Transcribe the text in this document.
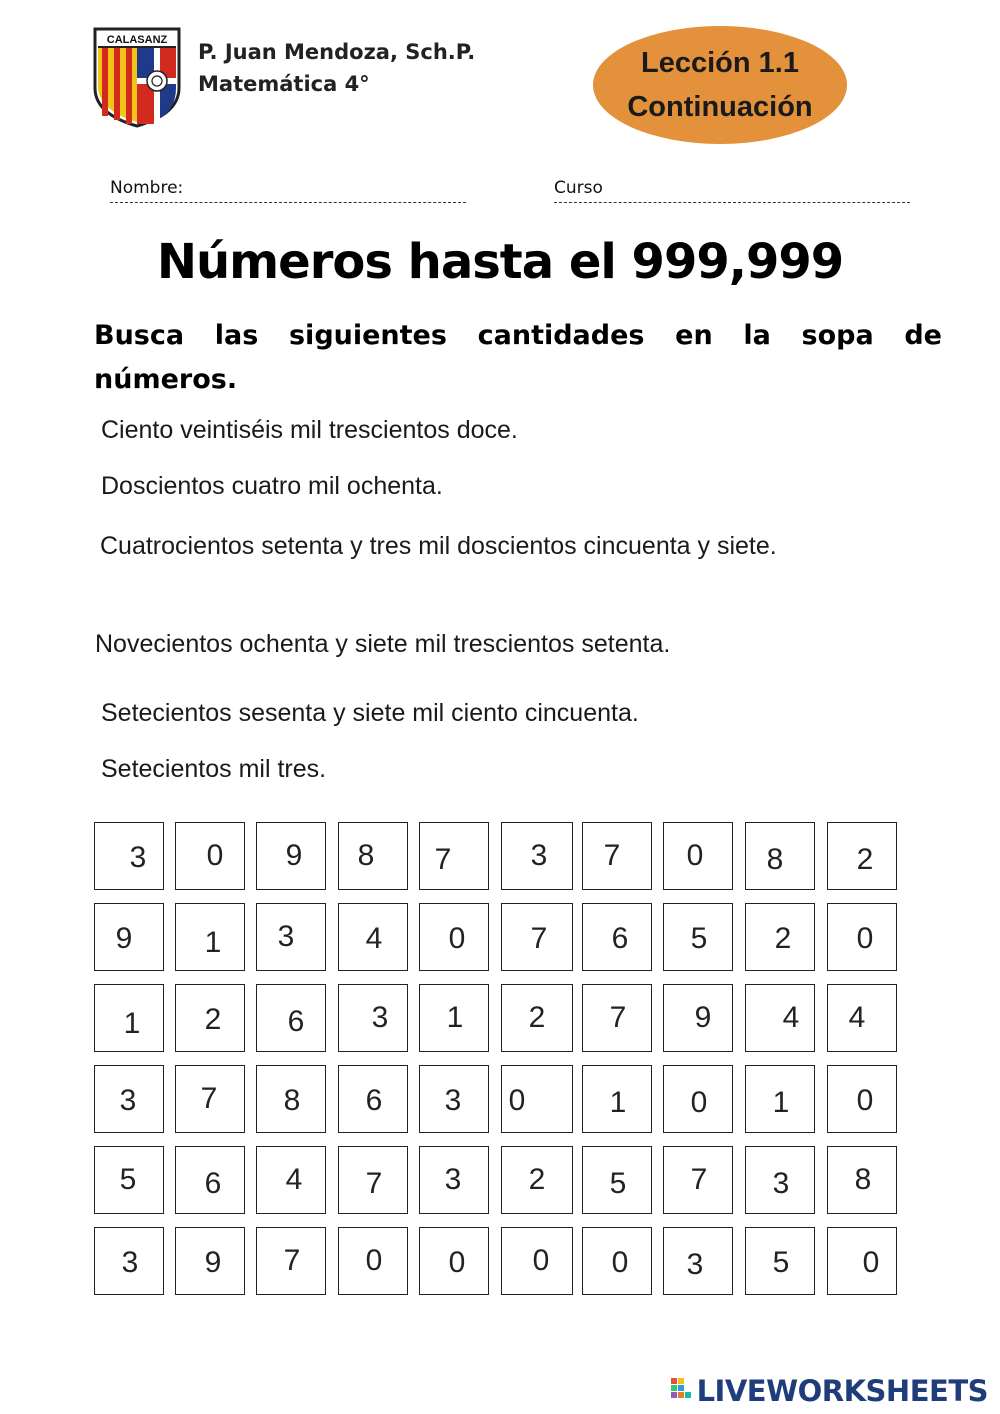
CALASANZ P. Juan Mendoza, Sch.P.
Matemática 4°
Lección 1.1
Continuación
Nombre:	Curso
Números hasta el 999,999
Busca las siguientes cantidades en la sopa de números.
Ciento veintiséis mil trescientos doce.
Doscientos cuatro mil ochenta.
Cuatrocientos setenta y tres mil doscientos cincuenta y siete.
Novecientos ochenta y siete mil trescientos setenta.
Setecientos sesenta y siete mil ciento cincuenta.
Setecientos mil tres.
3 0 9 8 7	3 7 0 8 2
9 1 3 4 0 7 6 5 2 0
1 2 6 3 1 2 7 9 4 4
3 7 8 6 3 0	1 0 1 0
5 6 4 7 3 2 5 7 3 8
3 9 7 0 0 0 0 3 5 0
LIVEWORKSHEETS
